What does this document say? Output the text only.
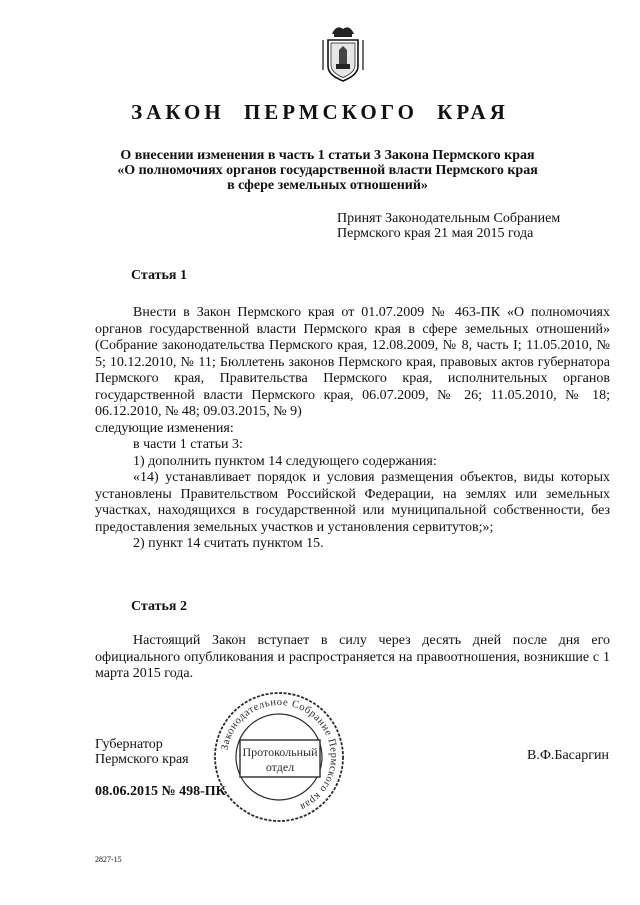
ЗАКОН ПЕРМСКОГО КРАЯ
О внесении изменения в часть 1 статьи 3 Закона Пермского края
«О полномочиях органов государственной власти Пермского края
в сфере земельных отношений»
Принят Законодательным Собранием
Пермского края 21 мая 2015 года
Статья 1

Внести в Закон Пермского края от 01.07.2009 № 463-ПК «О полномочиях органов государственной власти Пермского края в сфере земельных отношений» (Собрание законодательства Пермского края, 12.08.2009, № 8, часть I; 11.05.2010, № 5; 10.12.2010, № 11; Бюллетень законов Пермского края, правовых актов губернатора Пермского края, Правительства Пермского края, исполнительных органов государственной власти Пермского края, 06.07.2009, № 26; 11.05.2010, № 18; 06.12.2010, № 48; 09.03.2015, № 9)

следующие изменения:

в части 1 статьи 3:

1) дополнить пунктом 14 следующего содержания:

«14) устанавливает порядок и условия размещения объектов, виды которых установлены Правительством Российской Федерации, на землях или земельных участках, находящихся в государственной или муниципальной собственности, без предоставления земельных участков и установления сервитутов;»;

2) пункт 14 считать пунктом 15.

Статья 2

Настоящий Закон вступает в силу через десять дней после дня его официального опубликования и распространяется на правоотношения, возникшие с 1 марта 2015 года.

Губернатор
Пермского края	В.Ф.Басаргин
08.06.2015 № 498-ПК
Законодательное Собрание Пермского края
Протокольный
отдел
2827-15
